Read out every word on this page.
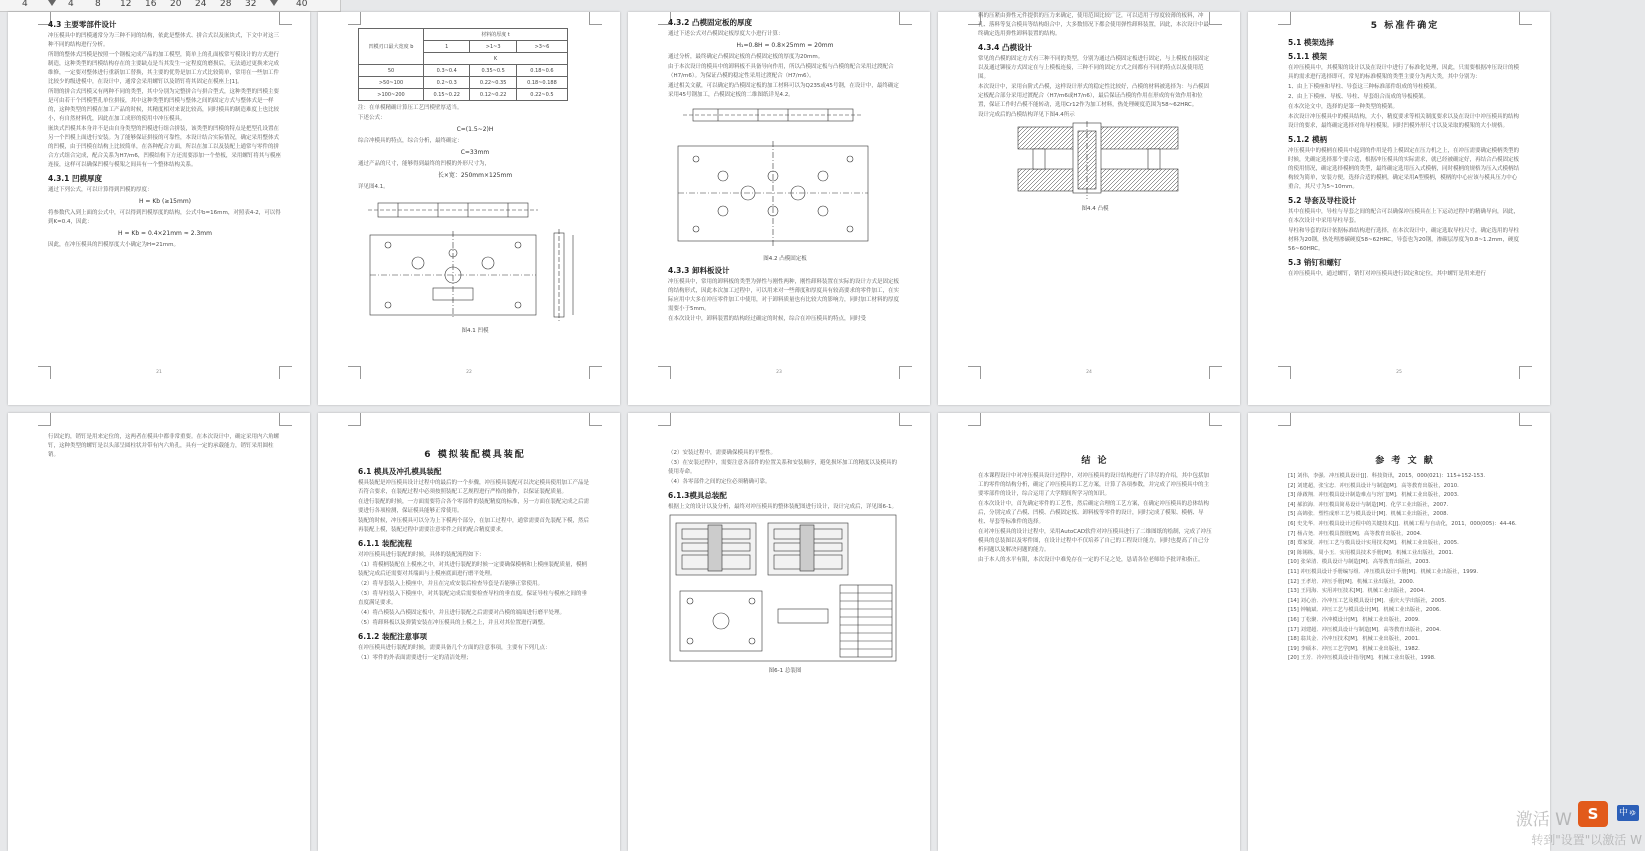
4	4 8 12 16 20 24 28 32	40
4.3 主要零部件设计
冲压模具中的凹模通常分为三种不同的结构，依此是整体式、拼合式以及嵌块式，下文中对这三种不同的结构进行分析。
所谓的整体式凹模是按照一个钢板完成产品的加工模型，简单上的孔面板常写模设计的方式进行制造，这种类型的凹模结构存在的主要缺点是当其发生一定程度的磨损后，无法通过更换来完成维修，一定要对整体进行重新加工替换，其主要的优势是加工方式比较简单，常用在一些加工件比较少的级进模中，在设计中，通常会采用螺钉以及销钉将其固定在模座上[1]。
所谓的拼合式凹模又有两种不同的类型，其中分别为完整拼合与拼合型式，这种类型的凹模主要是可由若干个凹模型孔单位拼接，其中这种类型的凹模与整体之间的固定方式与整体式是一样的，这种类型的凹模在加工产品的时候，其精度相对来说比较高，同时模具的制造难度上也比较小，有自然材料优，因此在加工成形的使用中冲压模具。
嵌块式凹模其本身并不是由自身类型的凹模进行组合拼装，该类型的凹模的特点是把型孔设置在另一个凹模上面进行安装。为了能够保证拼接的可靠性，本设计结合实际情况，确定采用整体式的凹模，由于凹模在结构上比较简单，在各种配合方面，所以在加工以及装配上通常与零件的拼合方式组合完成，配合关系为H7/m6，凹模结构下方还需要添加一个垫板，采用螺钉将其与模座连接，这样可以确保凹模与模架之间具有一个整体结构关系。
4.3.1 凹模厚度
通过下列公式，可以计算得到凹模的厚度：
H = Kb (≥15mm)
将参数代入到上面的公式中，可以得到凹模厚度的结构，公式中b=16mm，对照表4-2，可以得到K=0.4，因此：
H = Kb = 0.4×21mm ≈ 2.3mm
因此，在冲压模具的凹模厚度大小确定为H=21mm。
21
凹模刃口最大宽度 b	材料的厚度 t		
	1	>1~3	>3~6
	K		
50	0.3~0.4	0.35~0.5	0.18~0.6
>50~100	0.2~0.3	0.22~0.35	0.18~0.188
>100~200	0.15~0.22	0.12~0.22	0.22~0.5
注：在单模精确计算压工艺凹模壁厚适当。
下述公式：
C=(1.5~2)H
综合冲模具的特点，综合分析，最终确定：
C=33mm
通过产品的尺寸，能够得到最终的凹模的外形尺寸为，
长×宽：250mm×125mm
详见图4.1。
图4.1 凹模
22
4.3.2 凸模固定板的厚度
通过下述公式对凸模固定板厚度大小进行计算：
H₁=0.8H = 0.8×25mm = 20mm
通过分析，最终确定凸模固定板的凸模固定板的厚度为20mm。
由于本次设计的模具中的卸料板不具备导向作用，所以凸模固定板与凸模的配合采用过渡配合（H7/m6）。为保证凸模的稳定性采用过渡配合（H7/m6）。
通过相关文献，可以确定的凸模固定板的加工材料可以为Q235或45号钢，在设计中，最终确定采用45号钢加工，凸模固定板的二维图纸详见4.2。
图4.2 凸模固定板
4.3.3 卸料板设计
冲压模具中，常用的卸料板的类型为弹性与刚性两种，刚性卸料装置在实际的设计方式是固定板的结构形式，因此本次加工过程中，可以用来对一些薄度和厚度具有较高要求的零件加工，在实际应用中大多在冲压零件加工中使用，对于卸料质量也有比较大的影响力，同时加工材料的厚度需要小于5mm。
在本次设计中，卸料装置的结构经过确定的时候，综合在冲压模具的特点，同时受
23
料的压紧由弹性元件提供的压力来确定，使用范围比较广泛，可以适用于厚度较薄的板料，冲孔、落料等复合模具等结构组合中，大多数情况下都会使用弹性卸料装置，因此，本次设计中最终确定选用弹性卸料装置的结构。
4.3.4 凸模设计
常见的凸模的固定方式有三种不同的类型，分别为通过凸模固定板进行固定，与上模板直接固定以及通过铆接方式固定在与上模板连接，三种不同的固定方式之间都有不同的特点以及使用范围。
本次设计中，采用台阶式凸模，这样设计形式的稳定性比较好，凸模的材料被选择为：与凸模固定板配合部分采用过渡配合（H7/m6或H7/n6），最后保证凸模的作用在形成的有效作用和位置，保证工作时凸模不能转动，选用Cr12作为加工材料，热处理硬度范围为58~62HRC。
设计完成后的凸模结构详见下图4.4所示
图4.4 凸模
24
5 标准件确定
5.1 模架选择
5.1.1 模架
在冲压模具中，其模架的设计以及在设计中进行了标准化处理，因此，只需要根据冲压设计的模具的需求进行选择即可，常见的标准模架的类型主要分为两大类，其中分别为：
1、由上下模座和导柱、导套这三种标准部件组成的导柱模架。
2、由上下模座、导板、导柱、导套组合而成的导板模架。
在本次论文中，选择的是第一种类型的模架。
本次设计冲压模具中的模具结构，大小，精度要求等相关制度要求以及在设计中冲压模具的结构设计的要求，最终确定选择对角导柱模架。同时凹模外形尺寸以及采取的模架的大小规格。
5.1.2 模柄
冲压模具中的模柄在模具中起到的作用是将上模固定在压力机之上，在冲压需要确定模柄类型的时候，先确定选择那个要合适，根据冲压模具的实际需求，就已经被确定好，再结合凸模固定板的使用情况，确定选择模柄的类型，最终确定选用压入式模柄，同时模柄的规格为压入式模柄结构较为简单，安装方便，选择合适的模柄，确定采用A型模柄，模柄的中心应该与模具压力中心重合，其尺寸为5~10mm。
5.2 导套及导柱设计
其中在模具中，导柱与导套之间的配合可以确保冲压模具在上下运动过程中的精确导向，因此，在本次设计中采用导柱导套。
导柱和导套的设计依据标准结构进行选择，在本次设计中，确定选取导柱尺寸，确定选用的导柱材料为20钢，热处理渗碳硬度58~62HRC，导套也为20钢，渗碳层厚度为0.8~1.2mm，硬度56~60HRC。
5.3 销钉和螺钉
在冲压模具中，通过螺钉，销钉对冲压模具进行固定和定位，其中螺钉是用来进行
25
行固定的，销钉是用来定位的，这两者在模具中都非常重要。在本次设计中，确定采用内六角螺钉，这种类型的螺钉是以头部呈圆柱状并带有内六角孔，具有一定的承载能力，销钉采用圆柱销。	6 模拟装配模具装配
6.1 模具及冲孔模具装配
模具装配是冲压模具设计过程中的最后的一个步骤，冲压模具装配可以决定模具使用加工产品是否符合要求，在装配过程中必须按照装配工艺规程进行严格的操作，以保证装配质量。
在进行装配的时候，一方面需要符合各个零部件的装配精度的标准，另一方面在装配完成之后需要进行各项检测，保证模具能够正常使用。
装配的时候，冲压模具可以分为上下模两个部分，在加工过程中，通常需要首先装配下模，然后再装配上模，装配过程中需要注意零件之间的配合精度要求。
6.1.1 装配流程
对冲压模具进行装配的时候，具体的装配流程如下：
（1）将模柄装配在上模座之中，对其进行装配的时候一定要确保模柄和上模座装配质量，模柄装配完成后还需要对其端面与上模座底面进行磨平处理。
（2）将导套装入上模座中，并且在完成安装后检查导套是否能够正常使用。
（3）将导柱装入下模座中，对其装配完成后需要检查导柱的垂直度，保证导柱与模座之间的垂直度满足要求。
（4）将凸模装入凸模固定板中，并且进行装配之后需要对凸模的端面进行磨平处理。
（5）将卸料板以及弹簧安装在冲压模具的上模之上，并且对其位置进行调整。
6.1.2 装配注意事项
在冲压模具进行装配的时候，需要具备几个方面的注意事项，主要有下列几点：
（1）零件的外表面需要进行一定的清洁处理；
（2）安装过程中，需要确保模具的平整性。
（3）在安装过程中，需要注意各部件的位置关系和安装顺序，避免损坏加工的精度以及模具的使用寿命。
（4）各零部件之间的定位必须精确可靠。
6.1.3模具总装配
根据上文的设计以及分析，最终对冲压模具的整体装配图进行设计，设计完成后，详见图6-1。
图6-1 总装图
结 论
在本课程设计中对冲压模具设计过程中，对冲压模具的设计结构进行了详尽的介绍，其中包括加工的零件的结构分析，确定了冲压模具的工艺方案，计算了各项参数，并完成了冲压模具中的主要零部件的设计，综合运用了大学期间所学习的知识。
在本次设计中，首先确定零件的工艺性，然后确定合理的工艺方案，在确定冲压模具的总体结构后，分别完成了凸模、凹模、凸模固定板、卸料板等零件的设计，同时完成了模架、模柄、导柱、导套等标准件的选择。
在对冲压模具的设计过程中，采用AutoCAD软件对冲压模具进行了二维图纸的绘制，完成了冲压模具的总装图以及零件图，在设计过程中不仅培养了自己的工程设计能力，同时也提高了自己分析问题以及解决问题的能力。
由于本人的水平有限，本次设计中难免存在一定的不足之处，恳请各位老师给予批评和指正。
参 考 文 献
[1] 刘伟，李强．冲压模具设计[J]．科技资讯，2015，000(021)：115+152-153.
[2] 刘建超，张宝忠．冲压模具设计与制造[M]．高等教育出版社，2010.
[3] 薛啟翔．冲压模具设计制造难点与窍门[M]．机械工业出版社，2003.
[4] 郝滨海．冲压模具简易设计与制造[M]．化学工业出版社，2007.
[5] 高锦张．塑性成形工艺与模具设计[M]．机械工业出版社，2008.
[6] 史先华．冲压模具设计过程中的关键技术[J]．机械工程与自动化，2011，000(005)：44-46.
[7] 杨占尧．冲压模具图册[M]．高等教育出版社，2004.
[8] 郑家贤．冲压工艺与模具设计实用技术[M]．机械工业出版社，2005.
[9] 陈锡栋，周小玉．实用模具技术手册[M]．机械工业出版社，2001.
[10] 张荣清．模具设计与制造[M]．高等教育出版社，2003.
[11] 冲压模具设计手册编写组．冲压模具设计手册[M]．机械工业出版社，1999.
[12] 王孝培．冲压手册[M]．机械工业出版社，2000.
[13] 王同海．实用冲压技术[M]．机械工业出版社，2004.
[14] 刘心治．冷冲压工艺及模具设计[M]．重庆大学出版社，2005.
[15] 钟毓斌．冲压工艺与模具设计[M]．机械工业出版社，2006.
[16] 丁松聚．冷冲模设计[M]．机械工业出版社，2009.
[17] 刘建超．冲压模具设计与制造[M]．高等教育出版社，2004.
[18] 翁其金．冷冲压技术[M]．机械工业出版社，2001.
[19] 李硕本．冲压工艺学[M]．机械工业出版社，1982.
[20] 王芳．冷冲压模具设计指导[M]．机械工业出版社，1998.
激活 W	S	中ゅ
转到"设置"以激活 W
